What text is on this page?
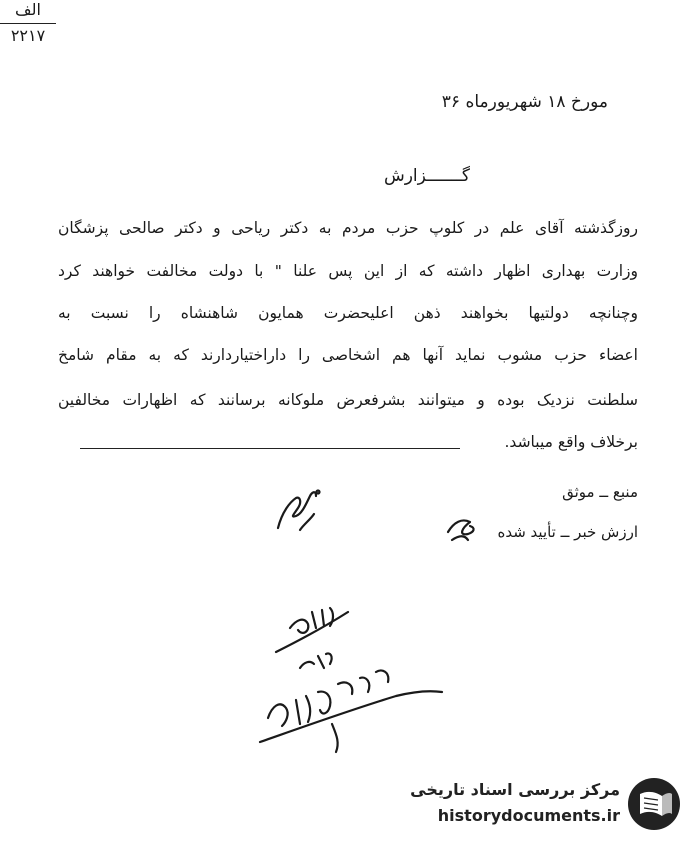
مورخ ۱۸ شهریورماه ۳۶
الف
۲۲۱۷
گـــــــزارش
روزگذشته آقای علم در کلوپ حزب مردم به دکتر ریاحی و دکتر صالحی پزشگان
وزارت بهداری اظهار داشته که از این پس علنا " با دولت مخالفت خواهند کرد
وچنانچه دولتیها بخواهند ذهن اعلیحضرت همایون شاهنشاه را نسبت به
اعضاء حزب مشوب نماید آنها هم اشخاصی را داراختیاردارند که به مقام شامخ
سلطنت نزدیک بوده و میتوانند بشرفعرض ملوکانه برسانند که اظهارات مخالفین
برخلاف واقع میباشد.
منبع ــ موثق
ارزش خبر ــ تأیید شده
مرکز بررسی اسناد تاریخی
historydocuments.ir
